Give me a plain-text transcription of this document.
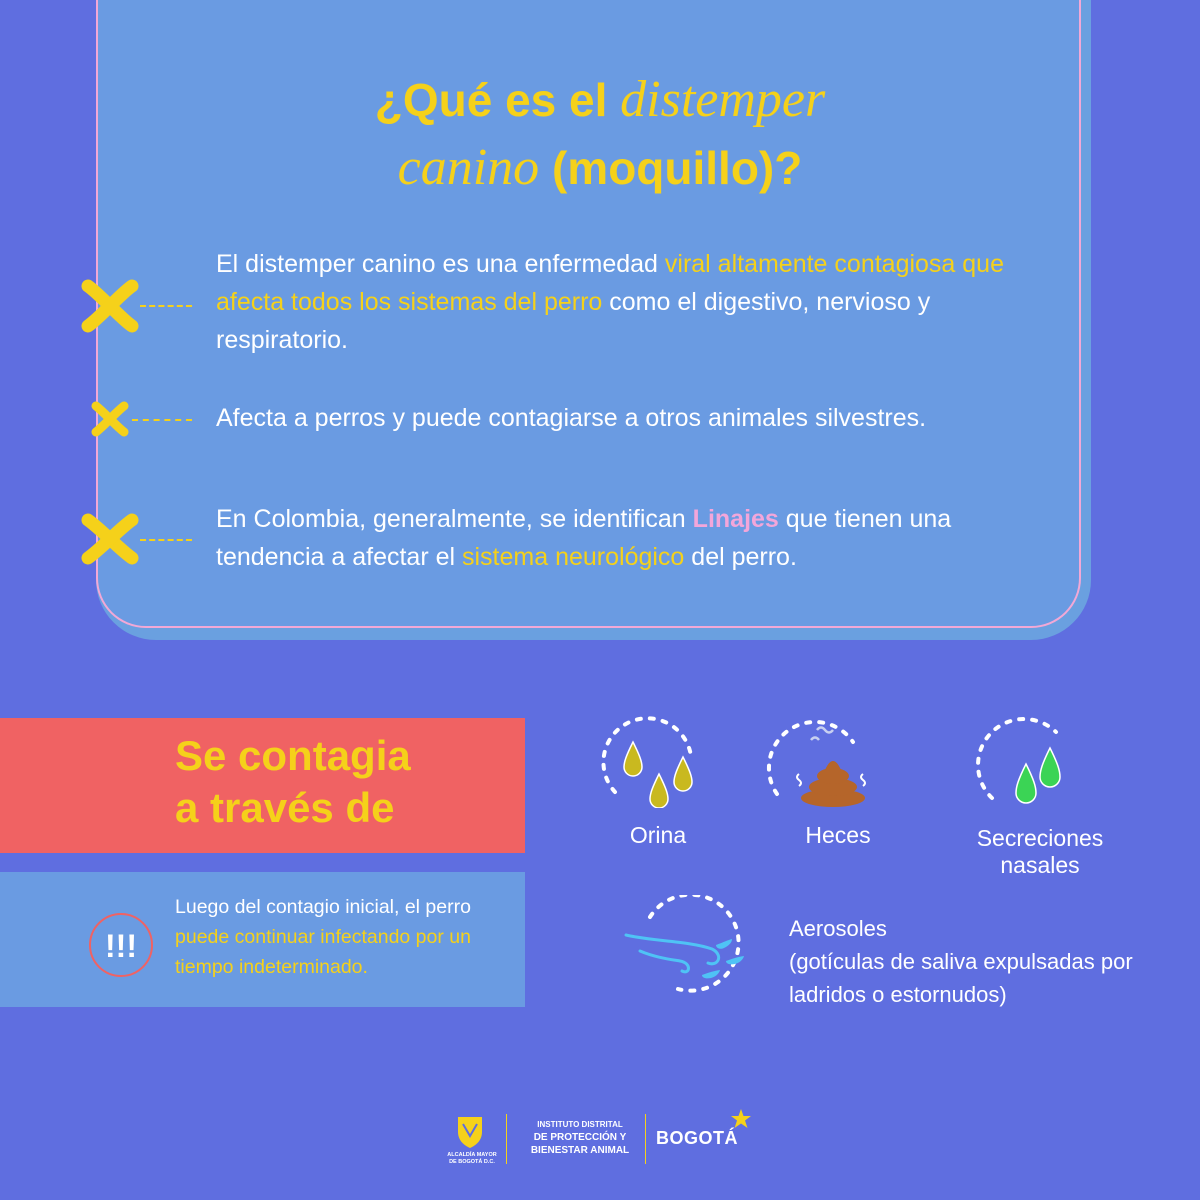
¿Qué es el distemper
canino (moquillo)?

El distemper canino es una enfermedad viral altamente contagiosa que afecta todos los sistemas del perro como el digestivo, nervioso y respiratorio.

Afecta a perros y puede contagiarse a otros animales silvestres.

En Colombia, generalmente, se identifican Linajes que tienen una tendencia a afectar el sistema neurológico del perro.

Se contagia
a través de

!!!

Luego del contagio inicial, el perro puede continuar infectando por un tiempo indeterminado.

Orina	Heces	Secreciones
nasales

Aerosoles
(gotículas de saliva expulsadas por ladridos o estornudos)

ALCALDÍA MAYOR
DE BOGOTÁ D.C.
INSTITUTO DISTRITAL
DE PROTECCIÓN Y
BIENESTAR ANIMAL
BOGOTÁ
